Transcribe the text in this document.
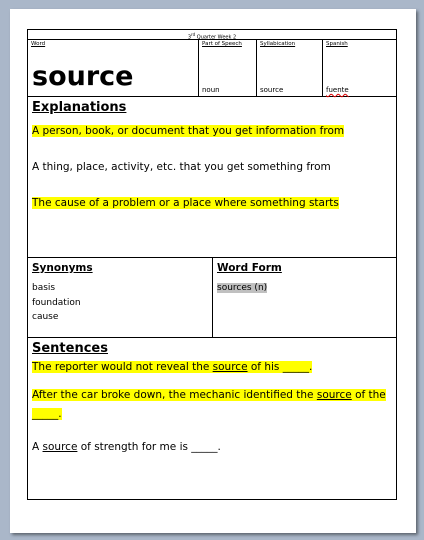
3rd Quarter Week 2
Word
source
Part of Speech
noun
Syllabication
source
Spanish
fuente
Explanations
A person, book, or document that you get information from
A thing, place, activity, etc. that you get something from
The cause of a problem or a place where something starts
Synonyms
basis
foundation
cause
Word Form
sources (n)
Sentences
The reporter would not reveal the source of his _____.
After the car broke down, the mechanic identified the source of the _____.
A source of strength for me is _____.
